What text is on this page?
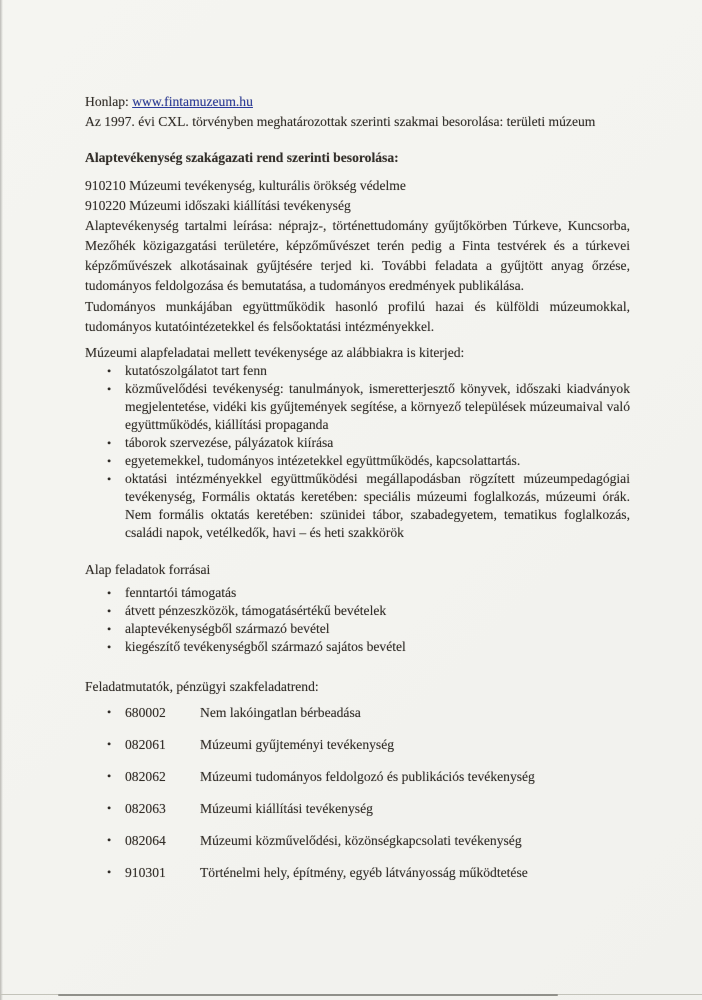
Honlap: www.fintamuzeum.hu
Az 1997. évi CXL. törvényben meghatározottak szerinti szakmai besorolása: területi múzeum
Alaptevékenység szakágazati rend szerinti besorolása:
910210 Múzeumi tevékenység, kulturális örökség védelme
910220 Múzeumi időszaki kiállítási tevékenység
Alaptevékenység tartalmi leírása: néprajz-, történettudomány gyűjtőkörben Túrkeve, Kuncsorba, Mezőhék közigazgatási területére, képzőművészet terén pedig a Finta testvérek és a túrkevei képzőművészek alkotásainak gyűjtésére terjed ki. További feladata a gyűjtött anyag őrzése, tudományos feldolgozása és bemutatása, a tudományos eredmények publikálása.
Tudományos munkájában együttműködik hasonló profilú hazai és külföldi múzeumokkal, tudományos kutatóintézetekkel és felsőoktatási intézményekkel.
Múzeumi alapfeladatai mellett tevékenysége az alábbiakra is kiterjed:
•	kutatószolgálatot tart fenn
•	közművelődési tevékenység: tanulmányok, ismeretterjesztő könyvek, időszaki kiadványok megjelentetése, vidéki kis gyűjtemények segítése, a környező települések múzeumaival való együttműködés, kiállítási propaganda
•	táborok szervezése, pályázatok kiírása
•	egyetemekkel, tudományos intézetekkel együttműködés, kapcsolattartás.
•	oktatási intézményekkel együttműködési megállapodásban rögzített múzeumpedagógiai tevékenység, Formális oktatás keretében: speciális múzeumi foglalkozás, múzeumi órák. Nem formális oktatás keretében: szünidei tábor, szabadegyetem, tematikus foglalkozás, családi napok, vetélkedők, havi – és heti szakkörök
Alap feladatok forrásai
•	fenntartói támogatás
•	átvett pénzeszközök, támogatásértékű bevételek
•	alaptevékenységből származó bevétel
•	kiegészítő tevékenységből származó sajátos bevétel
Feladatmutatók, pénzügyi szakfeladatrend:
•	680002	Nem lakóingatlan bérbeadása
•	082061	Múzeumi gyűjteményi tevékenység
•	082062	Múzeumi tudományos feldolgozó és publikációs tevékenység
•	082063	Múzeumi kiállítási tevékenység
•	082064	Múzeumi közművelődési, közönségkapcsolati tevékenység
•	910301	Történelmi hely, építmény, egyéb látványosság működtetése
